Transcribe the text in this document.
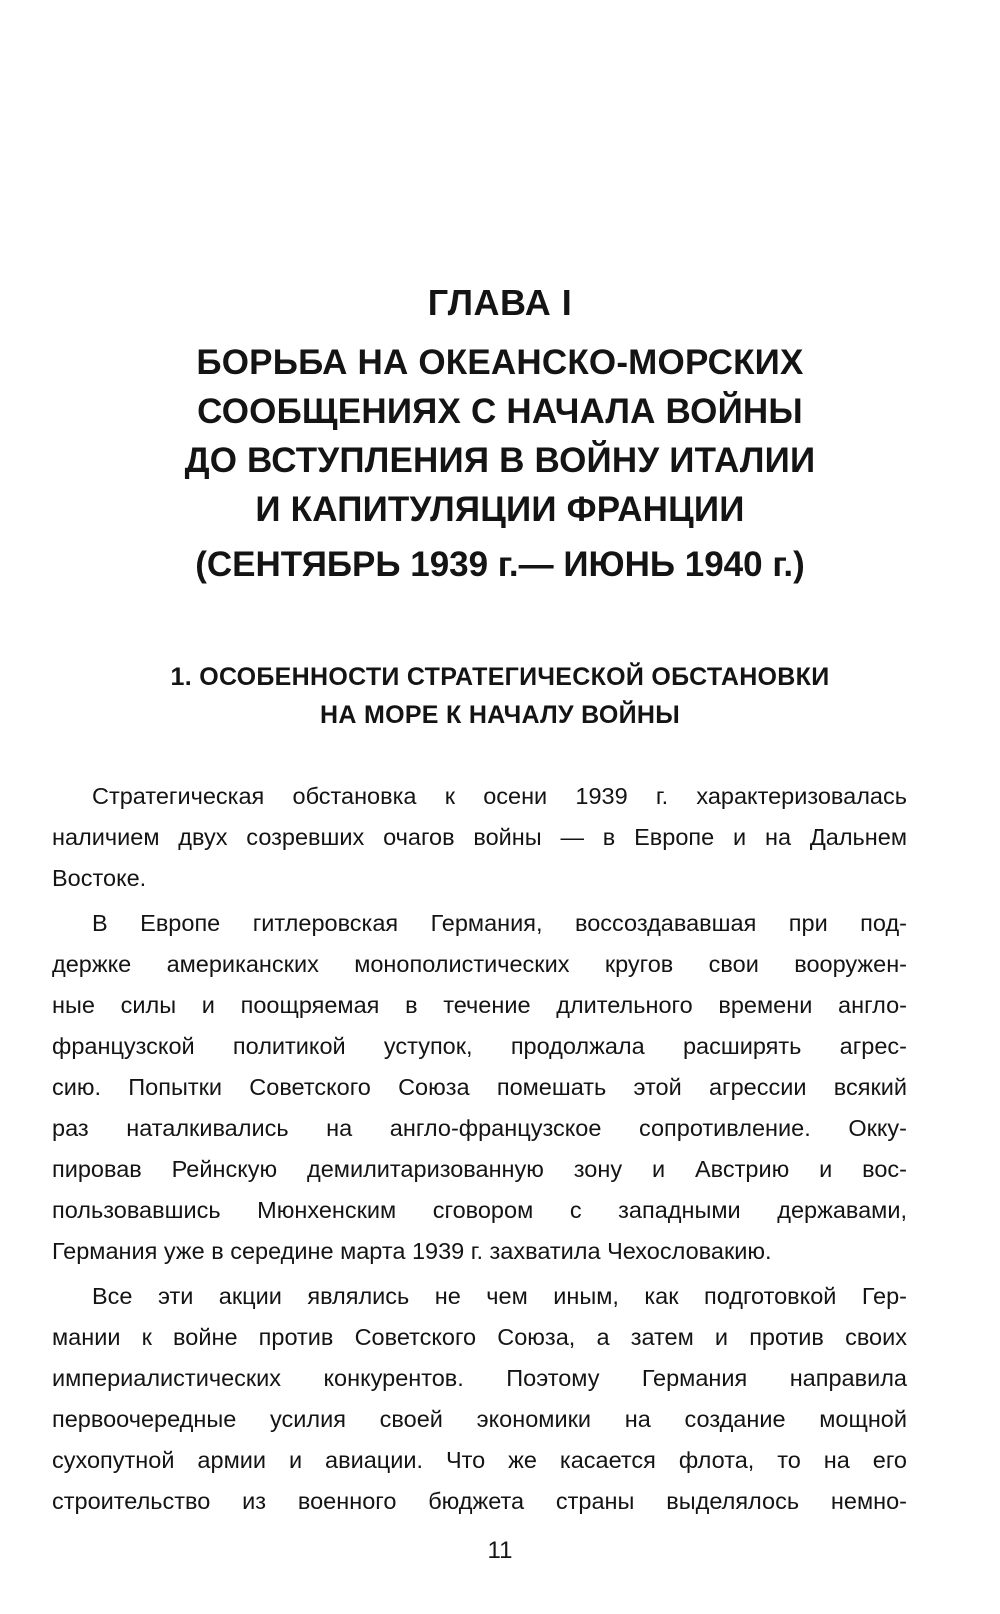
ГЛАВА I
БОРЬБА НА ОКЕАНСКО-МОРСКИХ
СООБЩЕНИЯХ С НАЧАЛА ВОЙНЫ
ДО ВСТУПЛЕНИЯ В ВОЙНУ ИТАЛИИ
И КАПИТУЛЯЦИИ ФРАНЦИИ
(СЕНТЯБРЬ 1939 г.— ИЮНЬ 1940 г.)
1. ОСОБЕННОСТИ СТРАТЕГИЧЕСКОЙ ОБСТАНОВКИ
НА МОРЕ К НАЧАЛУ ВОЙНЫ
Стратегическая обстановка к осени 1939 г. характеризовалась
наличием двух созревших очагов войны — в Европе и на Дальнем
Востоке.
В Европе гитлеровская Германия, воссоздававшая при под-
держке американских монополистических кругов свои вооружен-
ные силы и поощряемая в течение длительного времени англо-
французской политикой уступок, продолжала расширять агрес-
сию. Попытки Советского Союза помешать этой агрессии всякий
раз наталкивались на англо-французское сопротивление. Окку-
пировав Рейнскую демилитаризованную зону и Австрию и вос-
пользовавшись Мюнхенским сговором с западными державами,
Германия уже в середине марта 1939 г. захватила Чехословакию.
Все эти акции являлись не чем иным, как подготовкой Гер-
мании к войне против Советского Союза, а затем и против своих
империалистических конкурентов. Поэтому Германия направила
первоочередные усилия своей экономики на создание мощной
сухопутной армии и авиации. Что же касается флота, то на его
строительство из военного бюджета страны выделялось немно-
11
